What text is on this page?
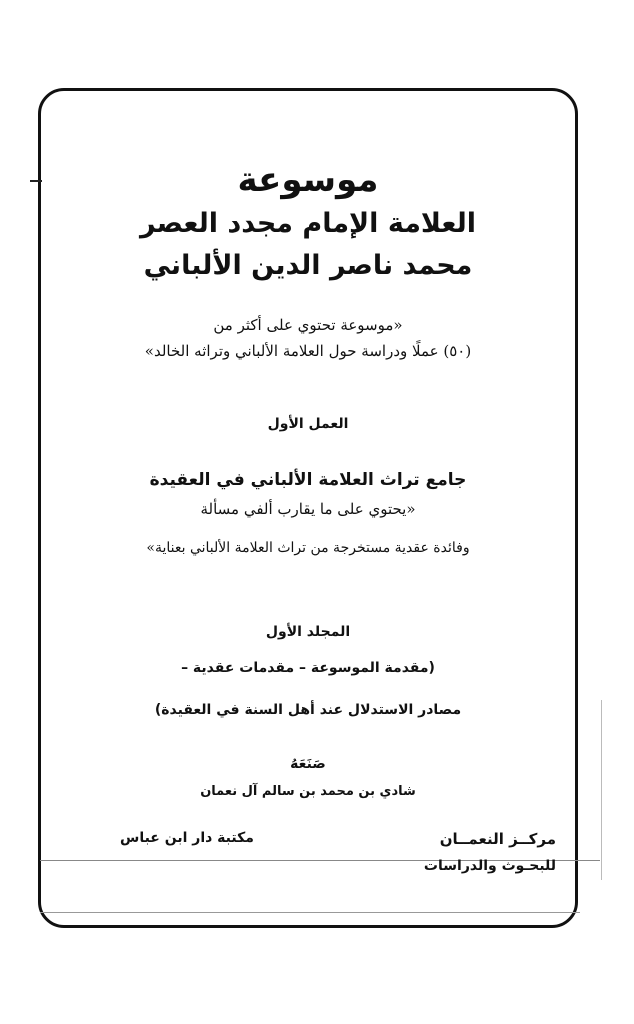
موسوعة
العلامة الإمام مجدد العصر
محمد ناصر الدين الألباني
«موسوعة تحتوي على أكثر من
(٥٠) عملًا ودراسة حول العلامة الألباني وتراثه الخالد»
العمل الأول
جامع تراث العلامة الألباني في العقيدة
«يحتوي على ما يقارب ألفي مسألة
وفائدة عقدية مستخرجة من تراث العلامة الألباني بعناية»
المجلد الأول
(مقدمة الموسوعة – مقدمات عقدية –
مصادر الاستدلال عند أهل السنة في العقيدة)
صَنَعَهُ
شادي بن محمد بن سالم آل نعمان
مركــز النعمــان
للبحـوث والدراسات
مكتبة دار ابن عباس
